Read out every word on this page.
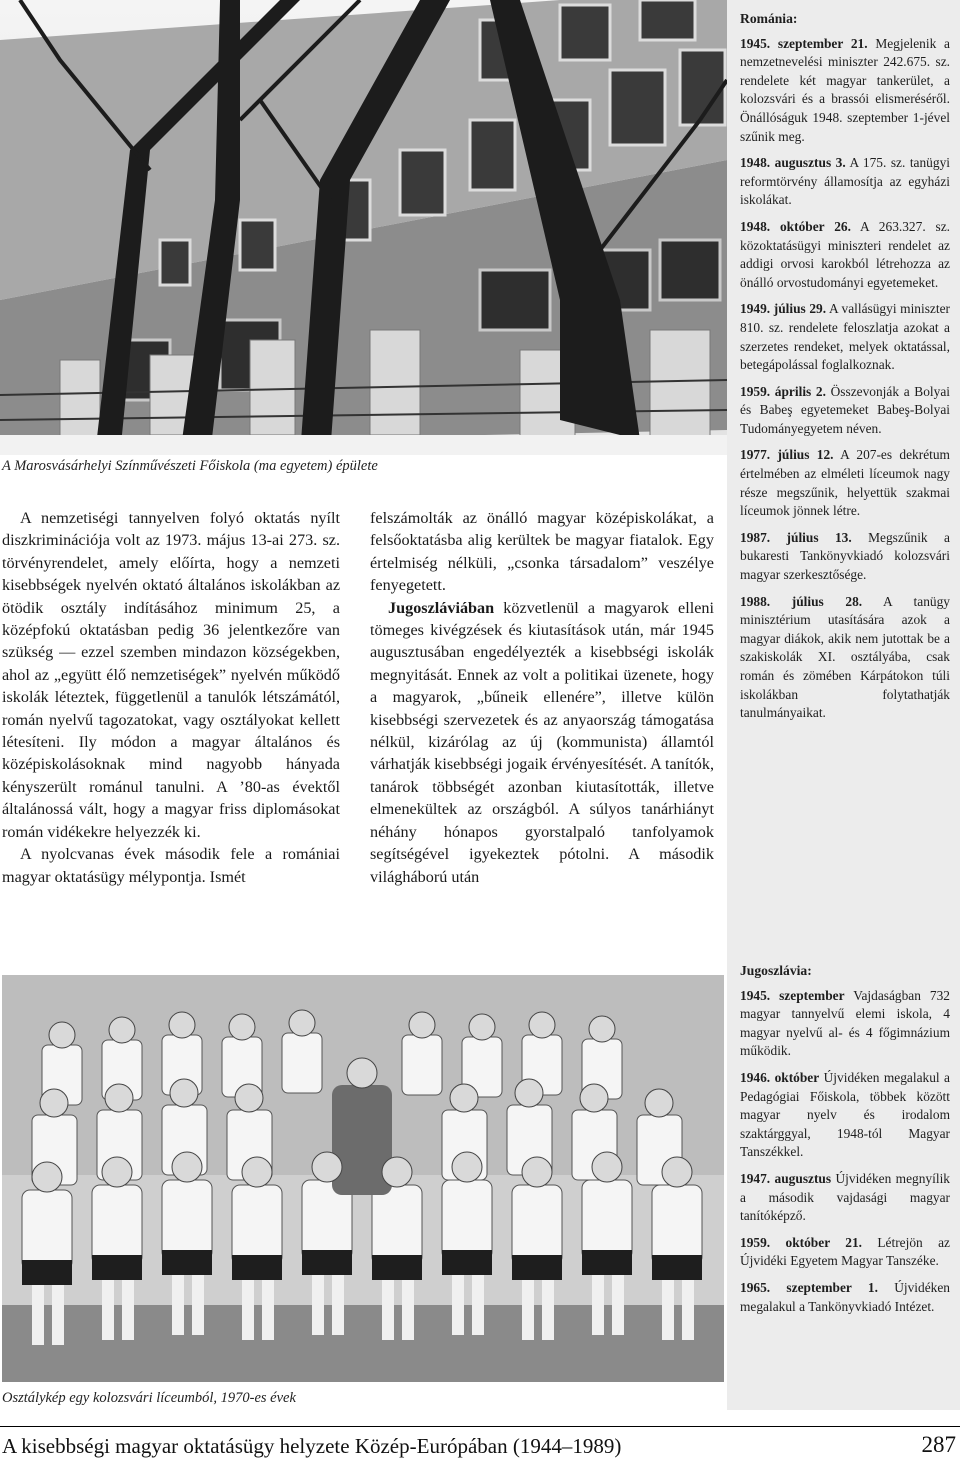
A Marosvásárhelyi Színművészeti Főiskola (ma egyetem) épülete

A nemzetiségi tannyelven folyó oktatás nyílt diszkriminációja volt az 1973. május 13-ai 273. sz. törvényrendelet, amely előírta, hogy a nemzeti kisebbségek nyelvén oktató általános iskolákban az ötödik osztály indításához minimum 25, a középfokú oktatásban pedig 36 jelentkezőre van szükség — ezzel szemben mindazon községekben, ahol az „együtt élő nemzetiségek” nyelvén működő iskolák léteztek, függetlenül a tanulók létszámától, román nyelvű tagozatokat, vagy osztályokat kellett létesíteni. Ily módon a magyar általános és középiskolásoknak mind nagyobb hányada kényszerült románul tanulni. A ’80-as évektől általánossá vált, hogy a magyar friss diplomásokat román vidékekre helyezzék ki.

A nyolcvanas évek második fele a romániai magyar oktatásügy mélypontja. Ismét

felszámolták az önálló magyar középiskolákat, a felsőoktatásba alig kerültek be magyar fiatalok. Egy értelmiség nélküli, „csonka társadalom” veszélye fenyegetett.

Jugoszláviában közvetlenül a magyarok elleni tömeges kivégzések és kiutasítások után, már 1945 augusztusában engedélyezték a kisebbségi iskolák megnyitását. Ennek az volt a politikai üzenete, hogy a magyarok, „bűneik ellenére”, illetve külön kisebbségi szervezetek és az anyaország támogatása nélkül, kizárólag az új (kommunista) államtól várhatják kisebbségi jogaik érvényesítését. A tanítók, tanárok többségét azonban kiutasították, illetve elmenekültek az országból. A súlyos tanárhiányt néhány hónapos gyorstalpaló tanfolyamok segítségével igyekeztek pótolni. A második világháború után

Osztálykép egy kolozsvári líceumból, 1970-es évek
Románia:

1945. szeptember 21. Megjelenik a nemzetnevelési miniszter 242.675. sz. rendelete két magyar tankerület, a kolozsvári és a brassói elismeréséről. Önállóságuk 1948. szeptember 1-jével szűnik meg.

1948. augusztus 3. A 175. sz. tanügyi reformtörvény államosítja az egyházi iskolákat.

1948. október 26. A 263.327. sz. közoktatásügyi miniszteri rendelet az addigi orvosi karokból létrehozza az önálló orvostudományi egyetemeket.

1949. július 29. A vallásügyi miniszter 810. sz. rendelete feloszlatja azokat a szerzetes rendeket, melyek oktatással, betegápolással foglalkoznak.

1959. április 2. Összevonják a Bolyai és Babeş egyetemeket Babeş-Bolyai Tudományegyetem néven.

1977. július 12. A 207-es dekrétum értelmében az elméleti líceumok nagy része megszűnik, helyettük szakmai líceumok jönnek létre.

1987. július 13. Megszűnik a bukaresti Tankönyvkiadó kolozsvári magyar szerkesztősége.

1988. július 28. A tanügy minisztérium utasítására azok a magyar diákok, akik nem jutottak be a szakiskolák XI. osztályába, csak román és zömében Kárpátokon túli iskolákban folytathatják tanulmányaikat.

Jugoszlávia:

1945. szeptember Vajdaságban 732 magyar tannyelvű elemi iskola, 4 magyar nyelvű al- és 4 főgimnázium működik.

1946. október Újvidéken megalakul a Pedagógiai Főiskola, többek között magyar nyelv és irodalom szaktárggyal, 1948-tól Magyar Tanszékkel.

1947. augusztus Újvidéken megnyílik a második vajdasági magyar tanítóképző.

1959. október 21. Létrejön az Újvidéki Egyetem Magyar Tanszéke.

1965. szeptember 1. Újvidéken megalakul a Tankönyvkiadó Intézet.

A kisebbségi magyar oktatásügy helyzete Közép-Európában (1944–1989)	287
